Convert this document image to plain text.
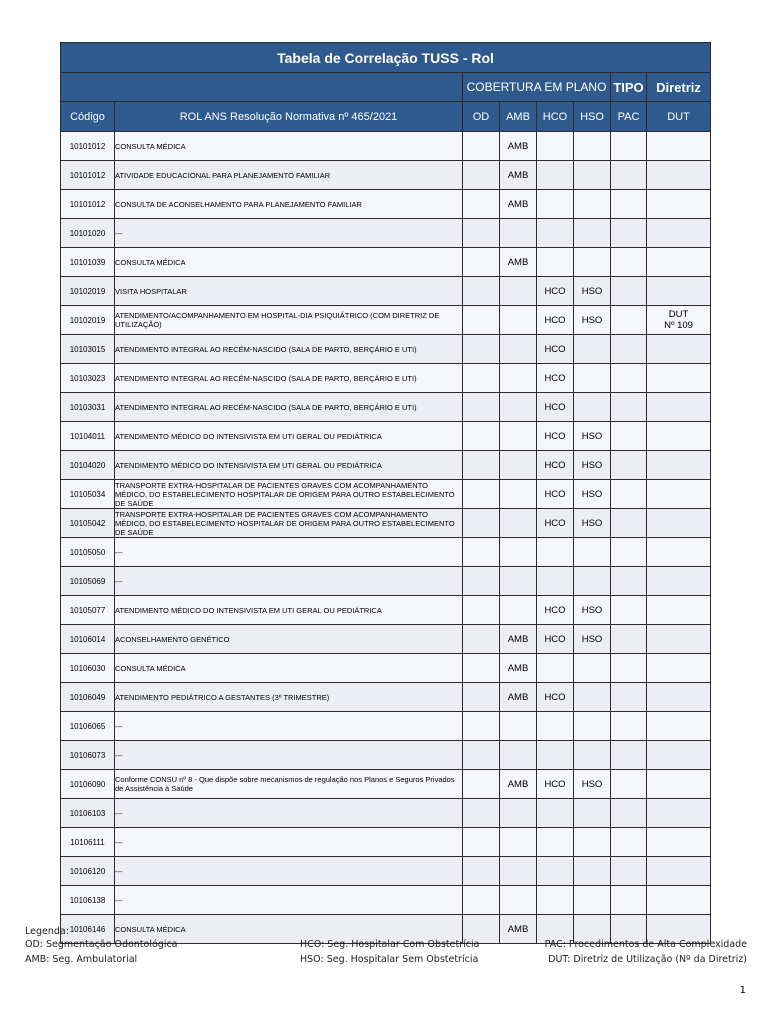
Tabela de Correlação TUSS - Rol							
		COBERTURA EM PLANO				TIPO	Diretriz
Código	ROL ANS Resolução Normativa nº 465/2021	OD	AMB	HCO	HSO	PAC	DUT
10101012	CONSULTA MÉDICA		AMB				
10101012	ATIVIDADE EDUCACIONAL PARA PLANEJAMENTO FAMILIAR		AMB				
10101012	CONSULTA DE ACONSELHAMENTO PARA PLANEJAMENTO FAMILIAR		AMB				
10101020	---						
10101039	CONSULTA MÉDICA		AMB				
10102019	VISITA HOSPITALAR			HCO	HSO		
10102019	ATENDIMENTO/ACOMPANHAMENTO EM HOSPITAL-DIA PSIQUIÁTRICO (COM DIRETRIZ DE UTILIZAÇÃO)			HCO	HSO		DUT
Nº 109
10103015	ATENDIMENTO INTEGRAL AO RECÉM-NASCIDO (SALA DE PARTO, BERÇÁRIO E UTI)			HCO			
10103023	ATENDIMENTO INTEGRAL AO RECÉM-NASCIDO (SALA DE PARTO, BERÇÁRIO E UTI)			HCO			
10103031	ATENDIMENTO INTEGRAL AO RECÉM-NASCIDO (SALA DE PARTO, BERÇÁRIO E UTI)			HCO			
10104011	ATENDIMENTO MÉDICO DO INTENSIVISTA EM UTI GERAL OU PEDIÁTRICA			HCO	HSO		
10104020	ATENDIMENTO MÉDICO DO INTENSIVISTA EM UTI GERAL OU PEDIÁTRICA			HCO	HSO		
10105034	TRANSPORTE EXTRA-HOSPITALAR DE PACIENTES GRAVES COM ACOMPANHAMENTO MÉDICO, DO ESTABELECIMENTO HOSPITALAR DE ORIGEM PARA OUTRO ESTABELECIMENTO DE SAÚDE			HCO	HSO		
10105042	TRANSPORTE EXTRA-HOSPITALAR DE PACIENTES GRAVES COM ACOMPANHAMENTO MÉDICO, DO ESTABELECIMENTO HOSPITALAR DE ORIGEM PARA OUTRO ESTABELECIMENTO DE SAÚDE			HCO	HSO		
10105050	---						
10105069	---						
10105077	ATENDIMENTO MÉDICO DO INTENSIVISTA EM UTI GERAL OU PEDIÁTRICA			HCO	HSO		
10106014	ACONSELHAMENTO GENÉTICO		AMB	HCO	HSO		
10106030	CONSULTA MÉDICA		AMB				
10106049	ATENDIMENTO PEDIÁTRICO A GESTANTES (3º TRIMESTRE)		AMB	HCO			
10106065	---						
10106073	---						
10106090	Conforme CONSU nº 8 - Que dispõe sobre mecanismos de regulação nos Planos e Seguros Privados de Assistência à Saúde		AMB	HCO	HSO		
10106103	---						
10106111	---						
10106120	---						
10106138	---						
10106146	CONSULTA MÉDICA		AMB				
Legenda:
OD: Segmentação Odontológica	HCO: Seg. Hospitalar Com Obstetrícia	PAC: Procedimentos de Alta Complexidade
AMB: Seg. Ambulatorial	HSO: Seg. Hospitalar Sem Obstetrícia	DUT: Diretriz de Utilização (Nº da Diretriz)
1
